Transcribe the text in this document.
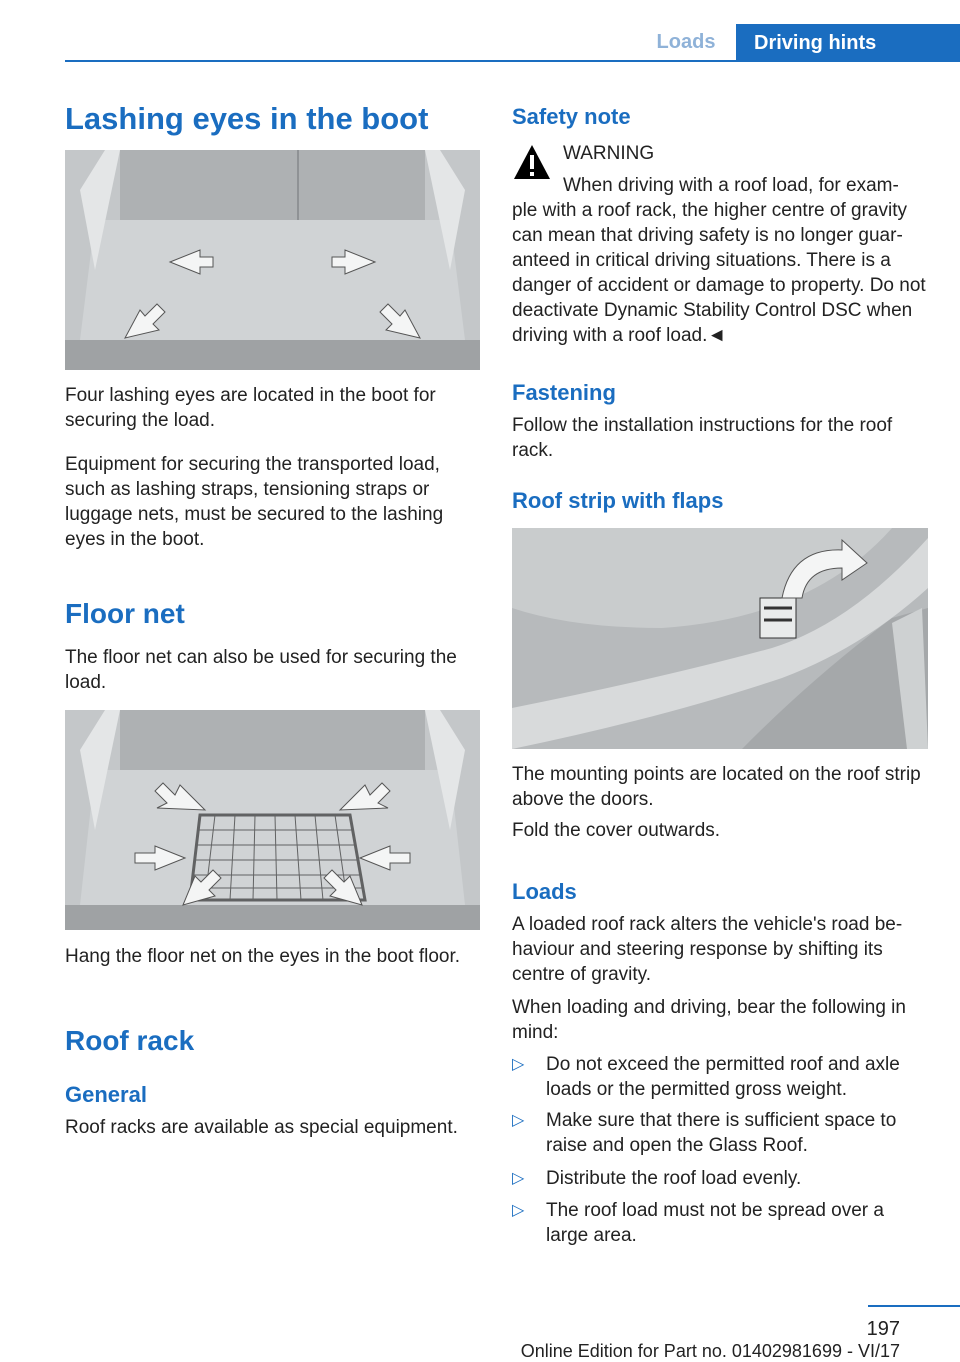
Loads	Driving hints
Lashing eyes in the boot

Four lashing eyes are located in the boot for securing the load.

Equipment for securing the transported load, such as lashing straps, tensioning straps or luggage nets, must be secured to the lashing eyes in the boot.

Floor net

The floor net can also be used for securing the load.

Hang the floor net on the eyes in the boot floor.

Roof rack
General

Roof racks are available as special equipment.

Safety note
WARNING
When driving with a roof load, for exam-

ple with a roof rack, the higher centre of gravity can mean that driving safety is no longer guar-anteed in critical driving situations. There is a danger of accident or damage to property. Do not deactivate Dynamic Stability Control DSC when driving with a roof load.◄

Fastening

Follow the installation instructions for the roof rack.

Roof strip with flaps

The mounting points are located on the roof strip above the doors.

Fold the cover outwards.

Loads

A loaded roof rack alters the vehicle's road be-haviour and steering response by shifting its centre of gravity.

When loading and driving, bear the following in mind:

▷ Do not exceed the permitted roof and axle loads or the permitted gross weight.
▷ Make sure that there is sufficient space to raise and open the Glass Roof.
▷ Distribute the roof load evenly.
▷ The roof load must not be spread over a large area.
197
Online Edition for Part no. 01402981699 - VI/17
